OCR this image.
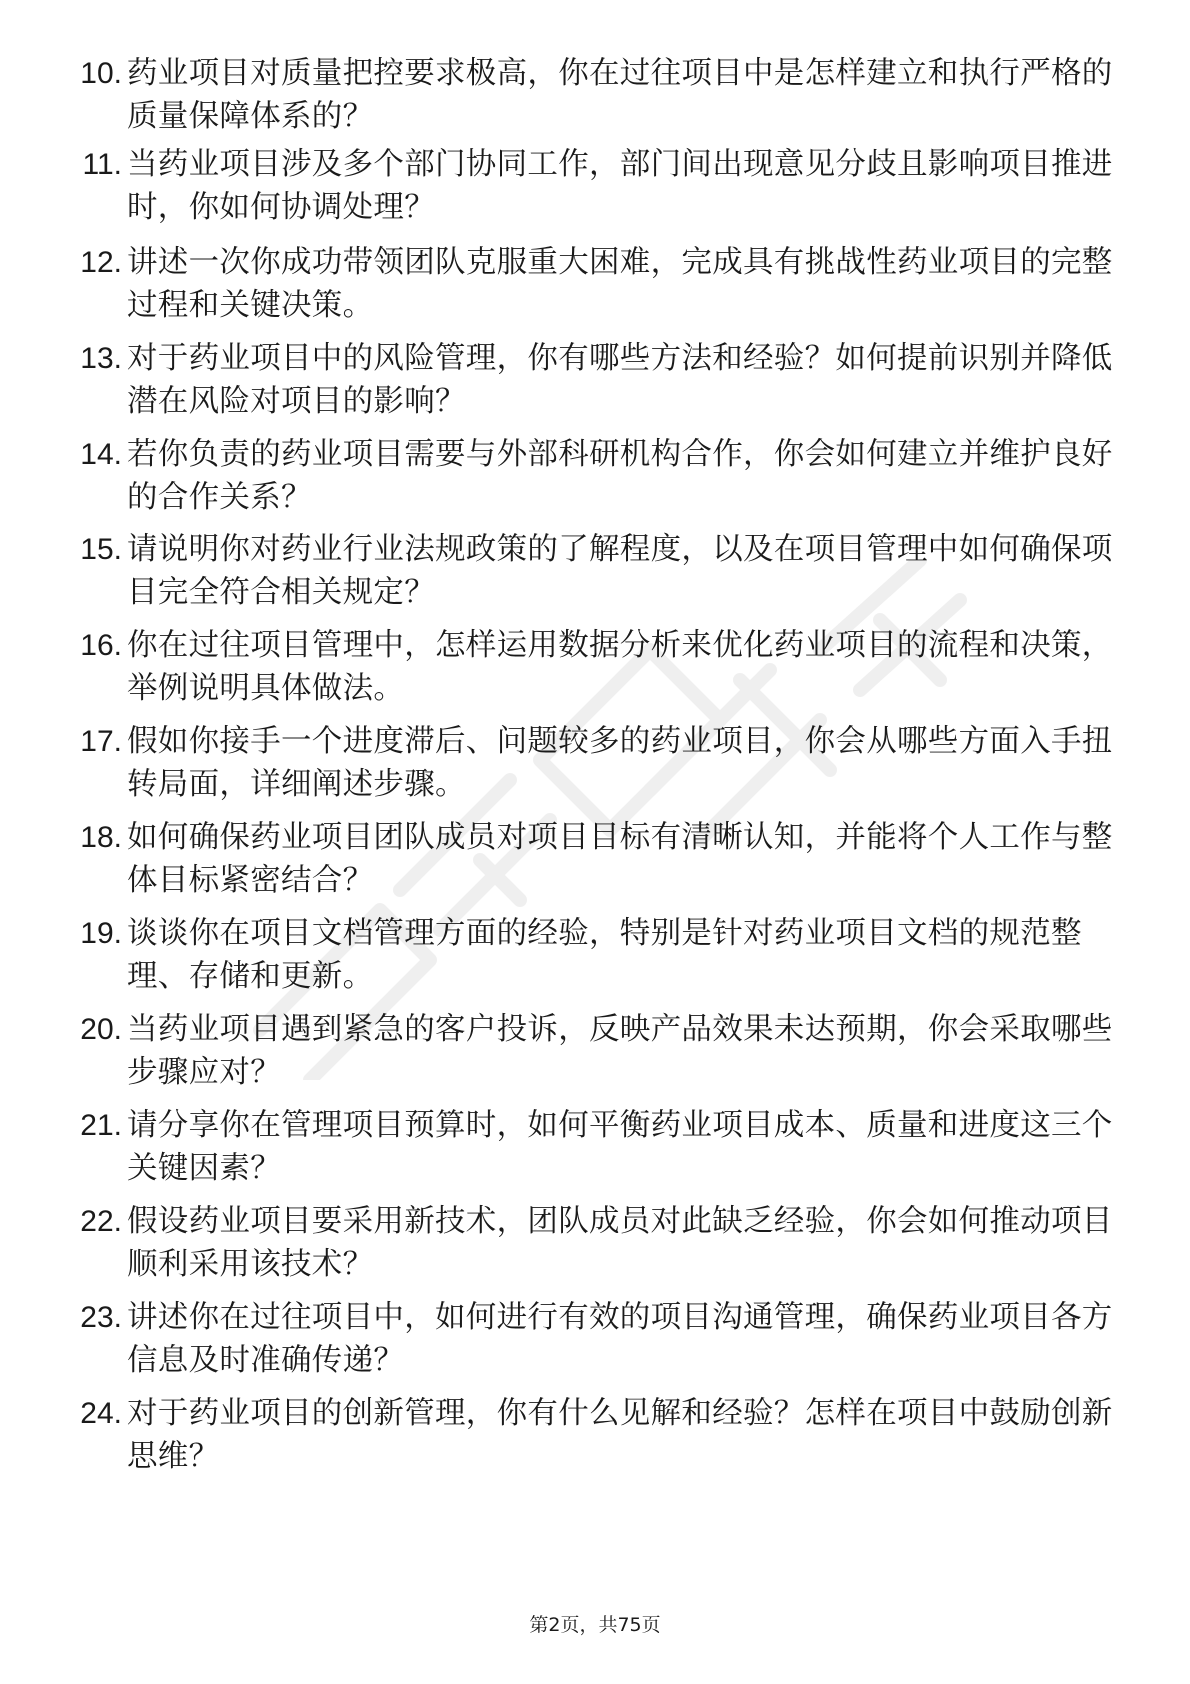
10. 药业项目对质量把控要求极高，你在过往项目中是怎样建立和执行严格的质量保障体系的？
11. 当药业项目涉及多个部门协同工作，部门间出现意见分歧且影响项目推进时，你如何协调处理？
12. 讲述一次你成功带领团队克服重大困难，完成具有挑战性药业项目的完整过程和关键决策。
13. 对于药业项目中的风险管理，你有哪些方法和经验？如何提前识别并降低潜在风险对项目的影响？
14. 若你负责的药业项目需要与外部科研机构合作，你会如何建立并维护良好的合作关系？
15. 请说明你对药业行业法规政策的了解程度，以及在项目管理中如何确保项目完全符合相关规定？
16. 你在过往项目管理中，怎样运用数据分析来优化药业项目的流程和决策，举例说明具体做法。
17. 假如你接手一个进度滞后、问题较多的药业项目，你会从哪些方面入手扭转局面，详细阐述步骤。
18. 如何确保药业项目团队成员对项目目标有清晰认知，并能将个人工作与整体目标紧密结合？
19. 谈谈你在项目文档管理方面的经验，特别是针对药业项目文档的规范整理、存储和更新。
20. 当药业项目遇到紧急的客户投诉，反映产品效果未达预期，你会采取哪些步骤应对？
21. 请分享你在管理项目预算时，如何平衡药业项目成本、质量和进度这三个关键因素？
22. 假设药业项目要采用新技术，团队成员对此缺乏经验，你会如何推动项目顺利采用该技术？
23. 讲述你在过往项目中，如何进行有效的项目沟通管理，确保药业项目各方信息及时准确传递？
24. 对于药业项目的创新管理，你有什么见解和经验？怎样在项目中鼓励创新思维？
第2页，共75页
